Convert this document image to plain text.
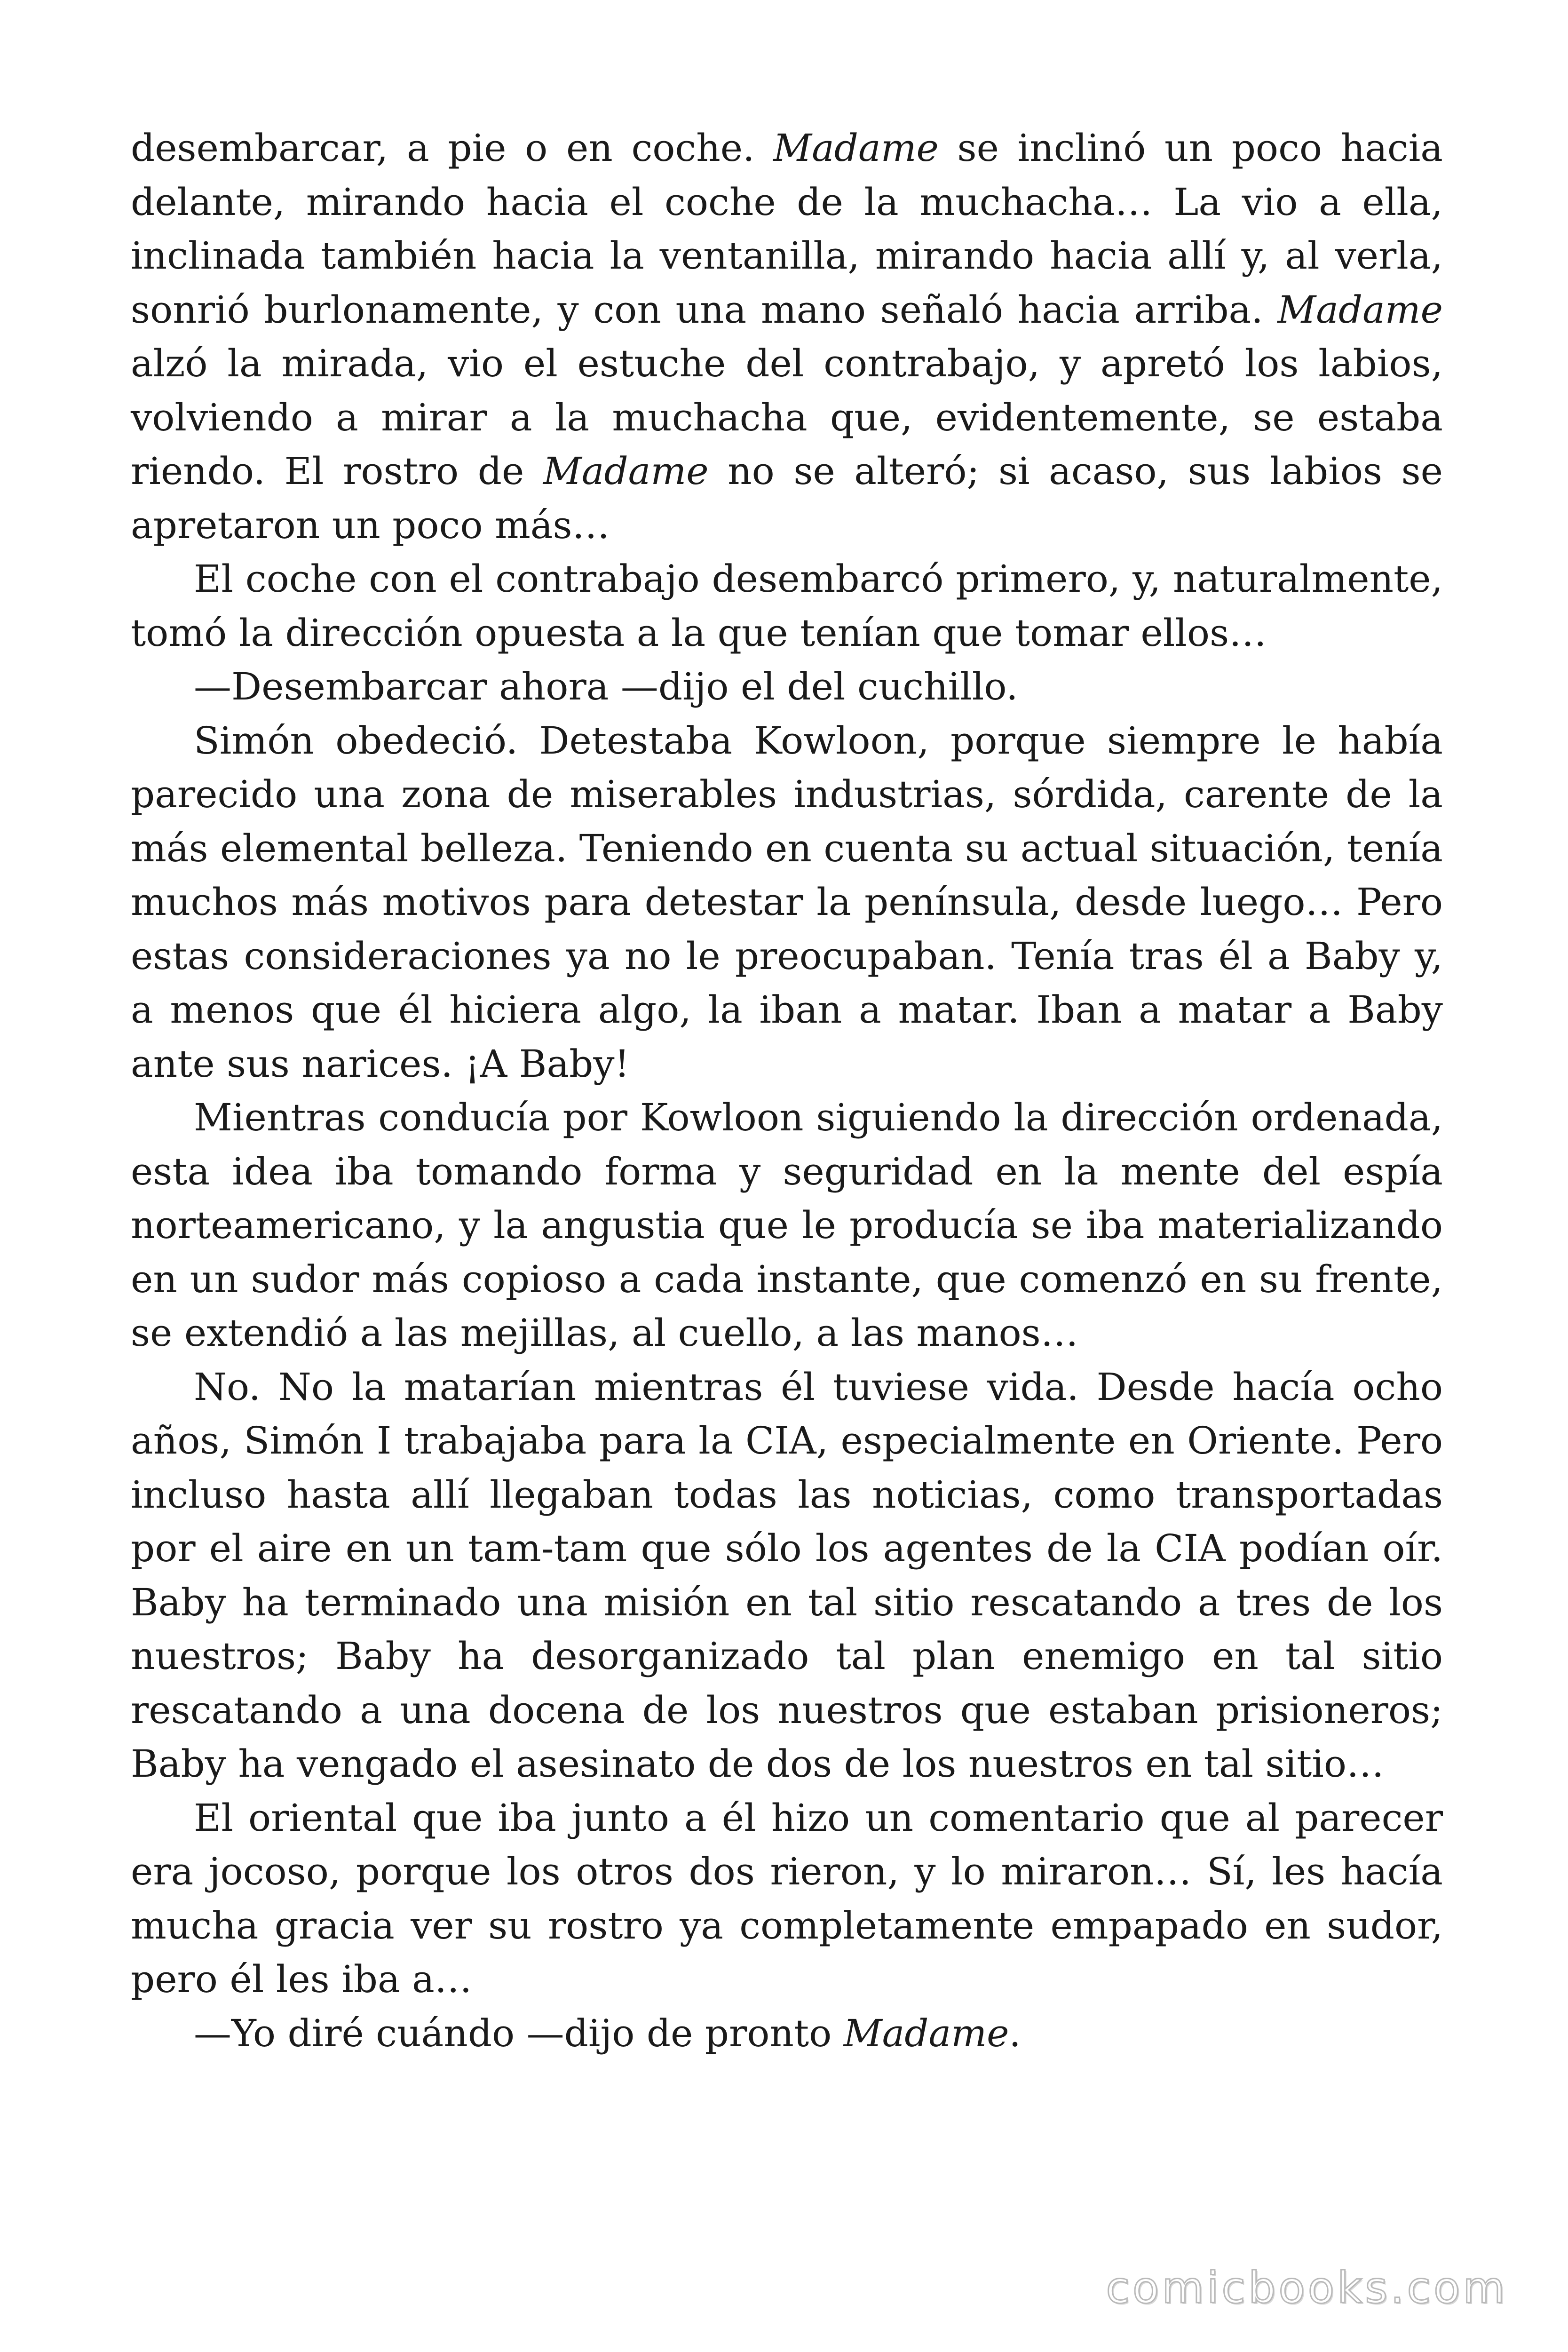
desembarcar, a pie o en coche. Madame se inclinó un poco hacia delante, mirando hacia el coche de la muchacha… La vio a ella, inclinada también hacia la ventanilla, mirando hacia allí y, al verla, sonrió burlonamente, y con una mano señaló hacia arriba. Madame alzó la mirada, vio el estuche del contrabajo, y apretó los labios, volviendo a mirar a la muchacha que, evidentemente, se estaba riendo. El rostro de Madame no se alteró; si acaso, sus labios se apretaron un poco más…

El coche con el contrabajo desembarcó primero, y, naturalmente, tomó la dirección opuesta a la que tenían que tomar ellos…

—Desembarcar ahora —dijo el del cuchillo.

Simón obedeció. Detestaba Kowloon, porque siempre le había parecido una zona de miserables industrias, sórdida, carente de la más elemental belleza. Teniendo en cuenta su actual situación, tenía muchos más motivos para detestar la península, desde luego… Pero estas consideraciones ya no le preocupaban. Tenía tras él a Baby y, a menos que él hiciera algo, la iban a matar. Iban a matar a Baby ante sus narices. ¡A Baby!

Mientras conducía por Kowloon siguiendo la dirección ordenada, esta idea iba tomando forma y seguridad en la mente del espía norteamericano, y la angustia que le producía se iba materializando en un sudor más copioso a cada instante, que comenzó en su frente, se extendió a las mejillas, al cuello, a las manos…

No. No la matarían mientras él tuviese vida. Desde hacía ocho años, Simón I trabajaba para la CIA, especialmente en Oriente. Pero incluso hasta allí llegaban todas las noticias, como transportadas por el aire en un tam-tam que sólo los agentes de la CIA podían oír. Baby ha terminado una misión en tal sitio rescatando a tres de los nuestros; Baby ha desorganizado tal plan enemigo en tal sitio rescatando a una docena de los nuestros que estaban prisioneros; Baby ha vengado el asesinato de dos de los nuestros en tal sitio…

El oriental que iba junto a él hizo un comentario que al parecer era jocoso, porque los otros dos rieron, y lo miraron… Sí, les hacía mucha gracia ver su rostro ya completamente empapado en sudor, pero él les iba a…

—Yo diré cuándo —dijo de pronto Madame.

comicbooks.com
